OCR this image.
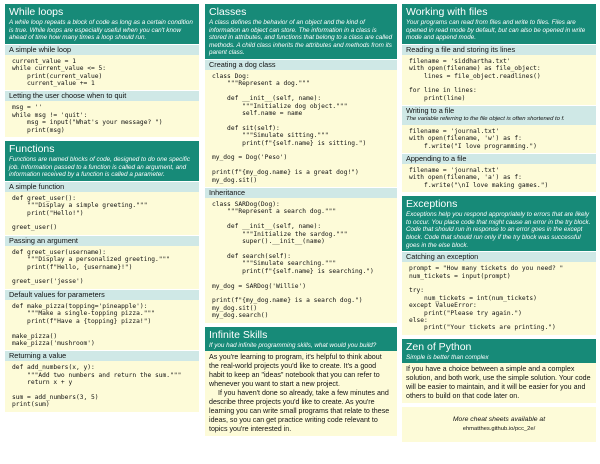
While loops
A while loop repeats a block of code as long as a certain condition is true. While loops are especially useful when you can't know ahead of time how many times a loop should run.
A simple while loop
current_value = 1
while current_value <= 5:
print(current_value)
current_value += 1
Letting the user choose when to quit
msg = ''
while msg != 'quit':
msg = input("What's your message? ")
print(msg)
Functions
Functions are named blocks of code, designed to do one specific job. Information passed to a function is called an argument, and information received by a function is called a parameter.
A simple function
def greet_user():
"""Display a simple greeting."""
print("Hello!")

greet_user()
Passing an argument
def greet_user(username):
"""Display a personalized greeting."""
print(f"Hello, {username}!")

greet_user('jesse')
Default values for parameters
def make_pizza(topping='pineapple'):
"""Make a single-topping pizza."""
print(f"Have a {topping} pizza!")

make_pizza()
make_pizza('mushroom')
Returning a value
def add_numbers(x, y):
"""Add two numbers and return the sum."""
return x + y

sum = add_numbers(3, 5)
print(sum)
Classes
A class defines the behavior of an object and the kind of information an object can store. The information in a class is stored in attributes, and functions that belong to a class are called methods. A child class inherits the attributes and methods from its parent class.
Creating a dog class
class Dog:
"""Represent a dog."""

def __init__(self, name):
"""Initialize dog object."""
self.name = name

def sit(self):
"""Simulate sitting."""
print(f"{self.name} is sitting.")

my_dog = Dog('Peso')

print(f"{my_dog.name} is a great dog!")
my_dog.sit()
Inheritance
class SARDog(Dog):
"""Represent a search dog."""

def __init__(self, name):
"""Initialize the sardog."""
super().__init__(name)

def search(self):
"""Simulate searching."""
print(f"{self.name} is searching.")

my_dog = SARDog('Willie')

print(f"{my_dog.name} is a search dog.")
my_dog.sit()
my_dog.search()
Infinite Skills
If you had infinite programming skills, what would you build?

As you're learning to program, it's helpful to think about the real-world projects you'd like to create. It's a good habit to keep an "ideas" notebook that you can refer to whenever you want to start a new project.

If you haven't done so already, take a few minutes and describe three projects you'd like to create. As you're learning you can write small programs that relate to these ideas, so you can get practice writing code relevant to topics you're interested in.

Working with files
Your programs can read from files and write to files. Files are opened in read mode by default, but can also be opened in write mode and append mode.
Reading a file and storing its lines
filename = 'siddhartha.txt'
with open(filename) as file_object:
lines = file_object.readlines()

for line in lines:
print(line)
Writing to a file
The variable referring to the file object is often shortened to f.
filename = 'journal.txt'
with open(filename, 'w') as f:
f.write("I love programming.")
Appending to a file
filename = 'journal.txt'
with open(filename, 'a') as f:
f.write("\nI love making games.")
Exceptions
Exceptions help you respond appropriately to errors that are likely to occur. You place code that might cause an error in the try block. Code that should run in response to an error goes in the except block. Code that should run only if the try block was successful goes in the else block.
Catching an exception
prompt = "How many tickets do you need? "
num_tickets = input(prompt)

try:
num_tickets = int(num_tickets)
except ValueError:
print("Please try again.")
else:
print("Your tickets are printing.")
Zen of Python
Simple is better than complex
If you have a choice between a simple and a complex solution, and both work, use the simple solution. Your code will be easier to maintain, and it will be easier for you and others to build on that code later on.
More cheat sheets available at
ehmatthes.github.io/pcc_2e/
